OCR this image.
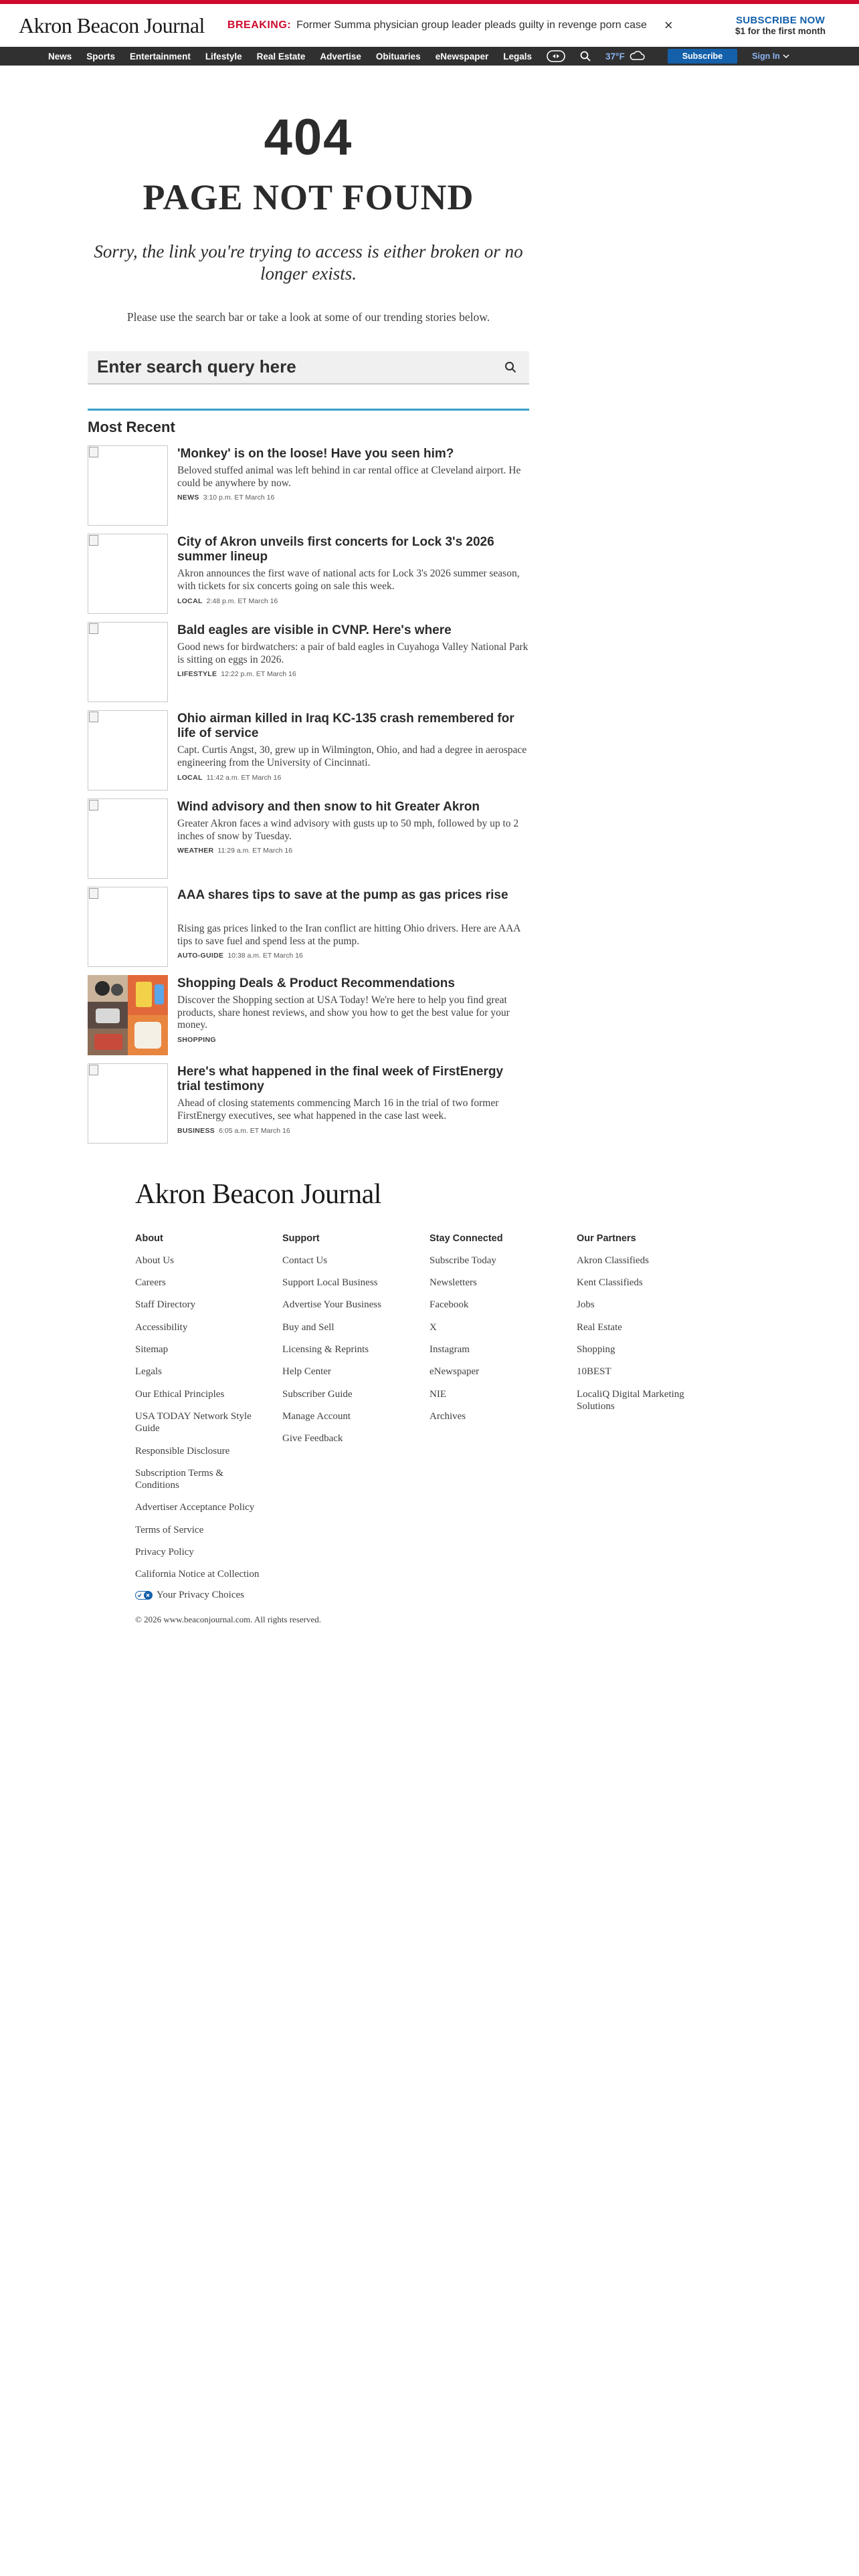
Akron Beacon Journal BREAKING: Former Summa physician group leader pleads guilty in revenge porn case ×	SUBSCRIBE NOW
$1 for the first month
News Sports Entertainment Lifestyle Real Estate Advertise Obituaries eNewspaper Legals	37°F	Subscribe	Sign In
404
PAGE NOT FOUND

Sorry, the link you're trying to access is either broken or no longer exists.

Please use the search bar or take a look at some of our trending stories below.

Enter search query here
Most Recent
'Monkey' is on the loose! Have you seen him?
Beloved stuffed animal was left behind in car rental office at Cleveland airport. He could be anywhere by now.
NEWS 3:10 p.m. ET March 16
City of Akron unveils first concerts for Lock 3's 2026 summer lineup
Akron announces the first wave of national acts for Lock 3's 2026 summer season, with tickets for six concerts going on sale this week.
LOCAL 2:48 p.m. ET March 16
Bald eagles are visible in CVNP. Here's where
Good news for birdwatchers: a pair of bald eagles in Cuyahoga Valley National Park is sitting on eggs in 2026.
LIFESTYLE 12:22 p.m. ET March 16
Ohio airman killed in Iraq KC-135 crash remembered for life of service
Capt. Curtis Angst, 30, grew up in Wilmington, Ohio, and had a degree in aerospace engineering from the University of Cincinnati.
LOCAL 11:42 a.m. ET March 16
Wind advisory and then snow to hit Greater Akron
Greater Akron faces a wind advisory with gusts up to 50 mph, followed by up to 2 inches of snow by Tuesday.
WEATHER 11:29 a.m. ET March 16
AAA shares tips to save at the pump as gas prices rise
Rising gas prices linked to the Iran conflict are hitting Ohio drivers. Here are AAA tips to save fuel and spend less at the pump.
AUTO-GUIDE 10:38 a.m. ET March 16
Shopping Deals & Product Recommendations
Discover the Shopping section at USA Today! We're here to help you find great products, share honest reviews, and show you how to get the best value for your money.
SHOPPING
Here's what happened in the final week of FirstEnergy trial testimony
Ahead of closing statements commencing March 16 in the trial of two former FirstEnergy executives, see what happened in the case last week.
BUSINESS 6:05 a.m. ET March 16
Akron Beacon Journal
About
About Us
Careers
Staff Directory
Accessibility
Sitemap
Legals
Our Ethical Principles
USA TODAY Network Style Guide
Responsible Disclosure
Subscription Terms & Conditions
Advertiser Acceptance Policy
Terms of Service
Privacy Policy
California Notice at Collection
Your Privacy Choices
Support
Contact Us
Support Local Business
Advertise Your Business
Buy and Sell
Licensing & Reprints
Help Center
Subscriber Guide
Manage Account
Give Feedback
Stay Connected
Subscribe Today
Newsletters
Facebook
X
Instagram
eNewspaper
NIE
Archives
Our Partners
Akron Classifieds
Kent Classifieds
Jobs
Real Estate
Shopping
10BEST
LocaliQ Digital Marketing Solutions
© 2026 www.beaconjournal.com. All rights reserved.
